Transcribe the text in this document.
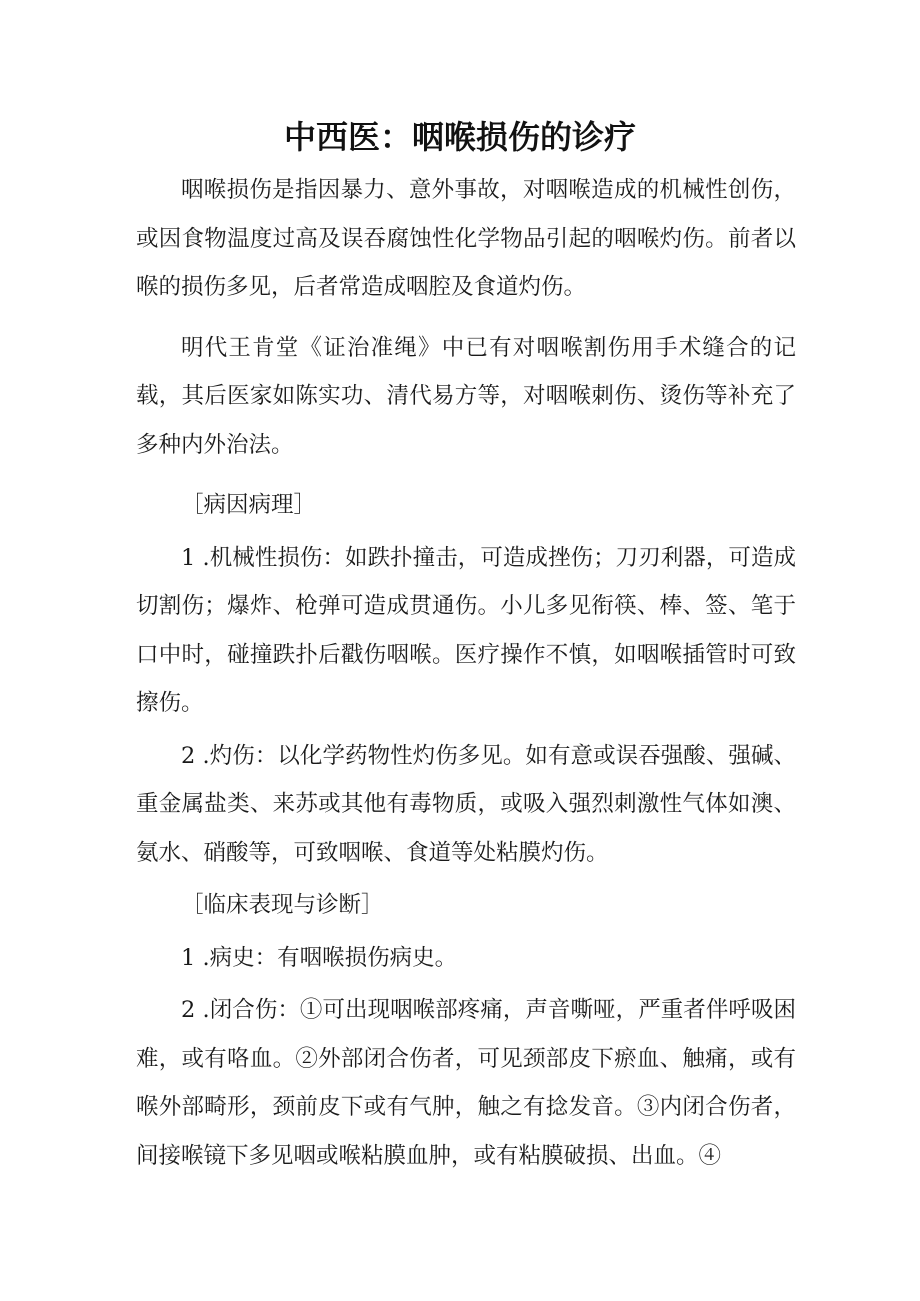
中西医：咽喉损伤的诊疗

咽喉损伤是指因暴力、意外事故，对咽喉造成的机械性创伤，或因食物温度过高及误吞腐蚀性化学物品引起的咽喉灼伤。前者以喉的损伤多见，后者常造成咽腔及食道灼伤。

明代王肯堂《证治准绳》中已有对咽喉割伤用手术缝合的记载，其后医家如陈实功、清代易方等，对咽喉刺伤、烫伤等补充了多种内外治法。

［病因病理］

1 .机械性损伤：如跌扑撞击，可造成挫伤；刀刃利器，可造成切割伤；爆炸、枪弹可造成贯通伤。小儿多见衔筷、棒、签、笔于口中时，碰撞跌扑后戳伤咽喉。医疗操作不慎，如咽喉插管时可致擦伤。

2 .灼伤：以化学药物性灼伤多见。如有意或误吞强酸、强碱、重金属盐类、来苏或其他有毒物质，或吸入强烈刺激性气体如澳、氨水、硝酸等，可致咽喉、食道等处粘膜灼伤。

［临床表现与诊断］

1 .病史：有咽喉损伤病史。

2 .闭合伤：①可出现咽喉部疼痛，声音嘶哑，严重者伴呼吸困难，或有咯血。②外部闭合伤者，可见颈部皮下瘀血、触痛，或有喉外部畸形，颈前皮下或有气肿，触之有捻发音。③内闭合伤者，间接喉镜下多见咽或喉粘膜血肿，或有粘膜破损、出血。④
